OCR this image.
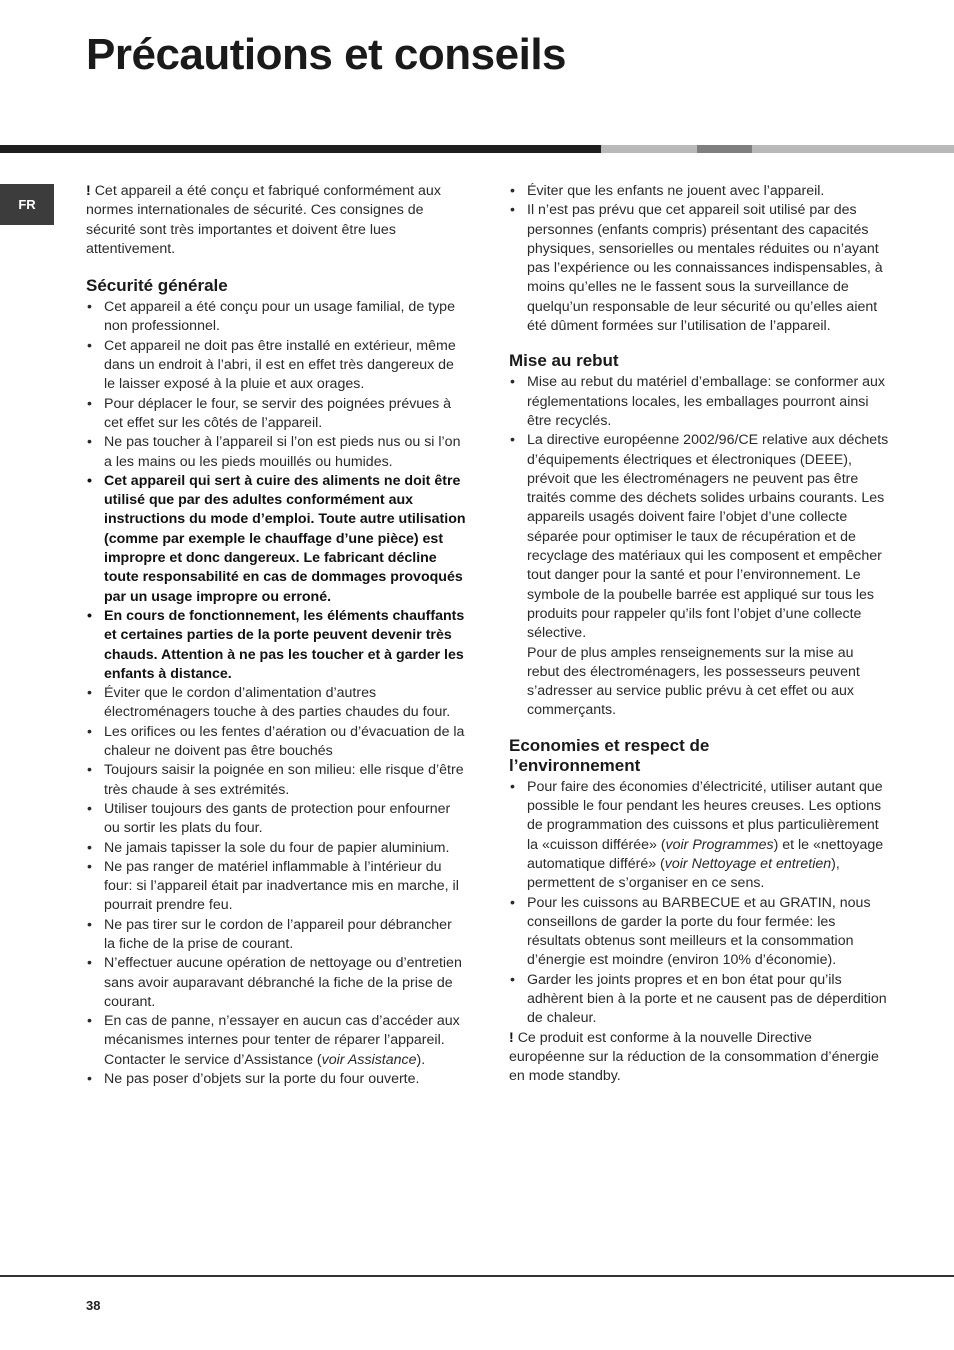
Précautions et conseils
FR

! Cet appareil a été conçu et fabriqué conformément aux normes internationales de sécurité. Ces consignes de sécurité sont très importantes et doivent être lues attentivement.

Sécurité générale
• Cet appareil a été conçu pour un usage familial, de type non professionnel.
• Cet appareil ne doit pas être installé en extérieur, même dans un endroit à l’abri, il est en effet très dangereux de le laisser exposé à la pluie et aux orages.
• Pour déplacer le four, se servir des poignées prévues à cet effet sur les côtés de l’appareil.
• Ne pas toucher à l’appareil si l’on est pieds nus ou si l’on a les mains ou les pieds mouillés ou humides.
• Cet appareil qui sert à cuire des aliments ne doit être utilisé que par des adultes conformément aux instructions du mode d’emploi. Toute autre utilisation (comme par exemple le chauffage d’une pièce) est impropre et donc dangereux. Le fabricant décline toute responsabilité en cas de dommages provoqués par un usage impropre ou erroné.
• En cours de fonctionnement, les éléments chauffants et certaines parties de la porte peuvent devenir très chauds. Attention à ne pas les toucher et à garder les enfants à distance.
• Éviter que le cordon d’alimentation d’autres électroménagers touche à des parties chaudes du four.
• Les orifices ou les fentes d’aération ou d’évacuation de la chaleur ne doivent pas être bouchés
• Toujours saisir la poignée en son milieu: elle risque d’être très chaude à ses extrémités.
• Utiliser toujours des gants de protection pour enfourner ou sortir les plats du four.
• Ne jamais tapisser la sole du four de papier aluminium.
• Ne pas ranger de matériel inflammable à l’intérieur du four: si l’appareil était par inadvertance mis en marche, il pourrait prendre feu.
• Ne pas tirer sur le cordon de l’appareil pour débrancher la fiche de la prise de courant.
• N’effectuer aucune opération de nettoyage ou d’entretien sans avoir auparavant débranché la fiche de la prise de courant.
• En cas de panne, n’essayer en aucun cas d’accéder aux mécanismes internes pour tenter de réparer l’appareil. Contacter le service d’Assistance (voir Assistance).
• Ne pas poser d’objets sur la porte du four ouverte.
• Éviter que les enfants ne jouent avec l’appareil.
• Il n’est pas prévu que cet appareil soit utilisé par des personnes (enfants compris) présentant des capacités physiques, sensorielles ou mentales réduites ou n’ayant pas l’expérience ou les connaissances indispensables, à moins qu’elles ne le fassent sous la surveillance de quelqu’un responsable de leur sécurité ou qu’elles aient été dûment formées sur l’utilisation de l’appareil.
Mise au rebut
• Mise au rebut du matériel d’emballage: se conformer aux réglementations locales, les emballages pourront ainsi être recyclés.
• La directive européenne 2002/96/CE relative aux déchets d’équipements électriques et électroniques (DEEE), prévoit que les électroménagers ne peuvent pas être traités comme des déchets solides urbains courants. Les appareils usagés doivent faire l’objet d’une collecte séparée pour optimiser le taux de récupération et de recyclage des matériaux qui les composent et empêcher tout danger pour la santé et pour l’environnement. Le symbole de la poubelle barrée est appliqué sur tous les produits pour rappeler qu’ils font l’objet d’une collecte sélective.
Pour de plus amples renseignements sur la mise au rebut des électroménagers, les possesseurs peuvent s’adresser au service public prévu à cet effet ou aux commerçants.
Economies et respect de
l’environnement
• Pour faire des économies d’électricité, utiliser autant que possible le four pendant les heures creuses. Les options de programmation des cuissons et plus particulièrement la «cuisson différée» (voir Programmes) et le «nettoyage automatique différé» (voir Nettoyage et entretien), permettent de s’organiser en ce sens.
• Pour les cuissons au BARBECUE et au GRATIN, nous conseillons de garder la porte du four fermée: les résultats obtenus sont meilleurs et la consommation d’énergie est moindre (environ 10% d’économie).
• Garder les joints propres et en bon état pour qu’ils adhèrent bien à la porte et ne causent pas de déperdition de chaleur.

! Ce produit est conforme à la nouvelle Directive européenne sur la réduction de la consommation d’énergie en mode standby.

38
